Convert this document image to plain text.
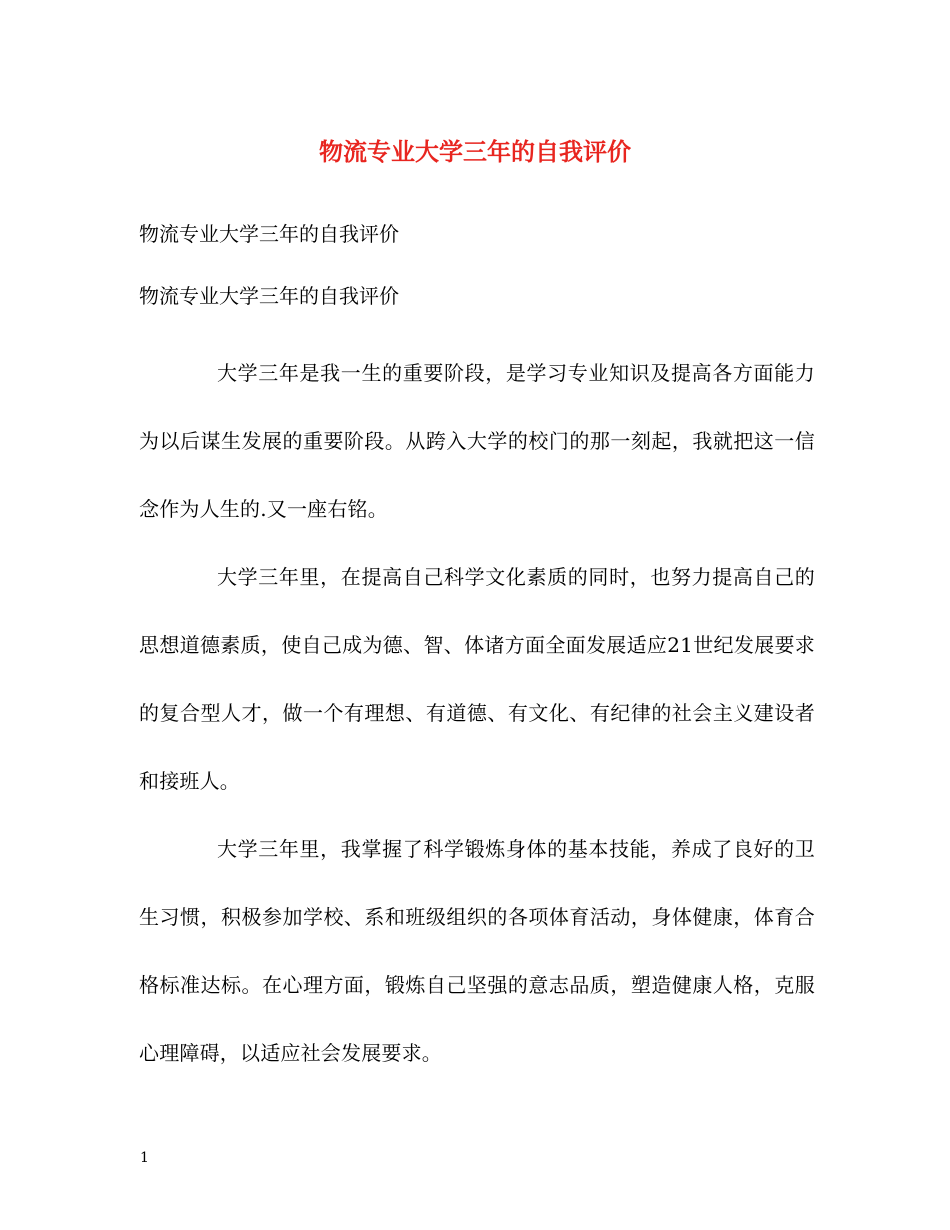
物流专业大学三年的自我评价
物流专业大学三年的自我评价
物流专业大学三年的自我评价

大学三年是我一生的重要阶段，是学习专业知识及提高各方面能力为以后谋生发展的重要阶段。从跨入大学的校门的那一刻起，我就把这一信念作为人生的.又一座右铭。

大学三年里，在提高自己科学文化素质的同时，也努力提高自己的思想道德素质，使自己成为德、智、体诸方面全面发展适应21世纪发展要求的复合型人才，做一个有理想、有道德、有文化、有纪律的社会主义建设者和接班人。

大学三年里，我掌握了科学锻炼身体的基本技能，养成了良好的卫生习惯，积极参加学校、系和班级组织的各项体育活动，身体健康，体育合格标准达标。在心理方面，锻炼自己坚强的意志品质，塑造健康人格，克服心理障碍，以适应社会发展要求。

1
